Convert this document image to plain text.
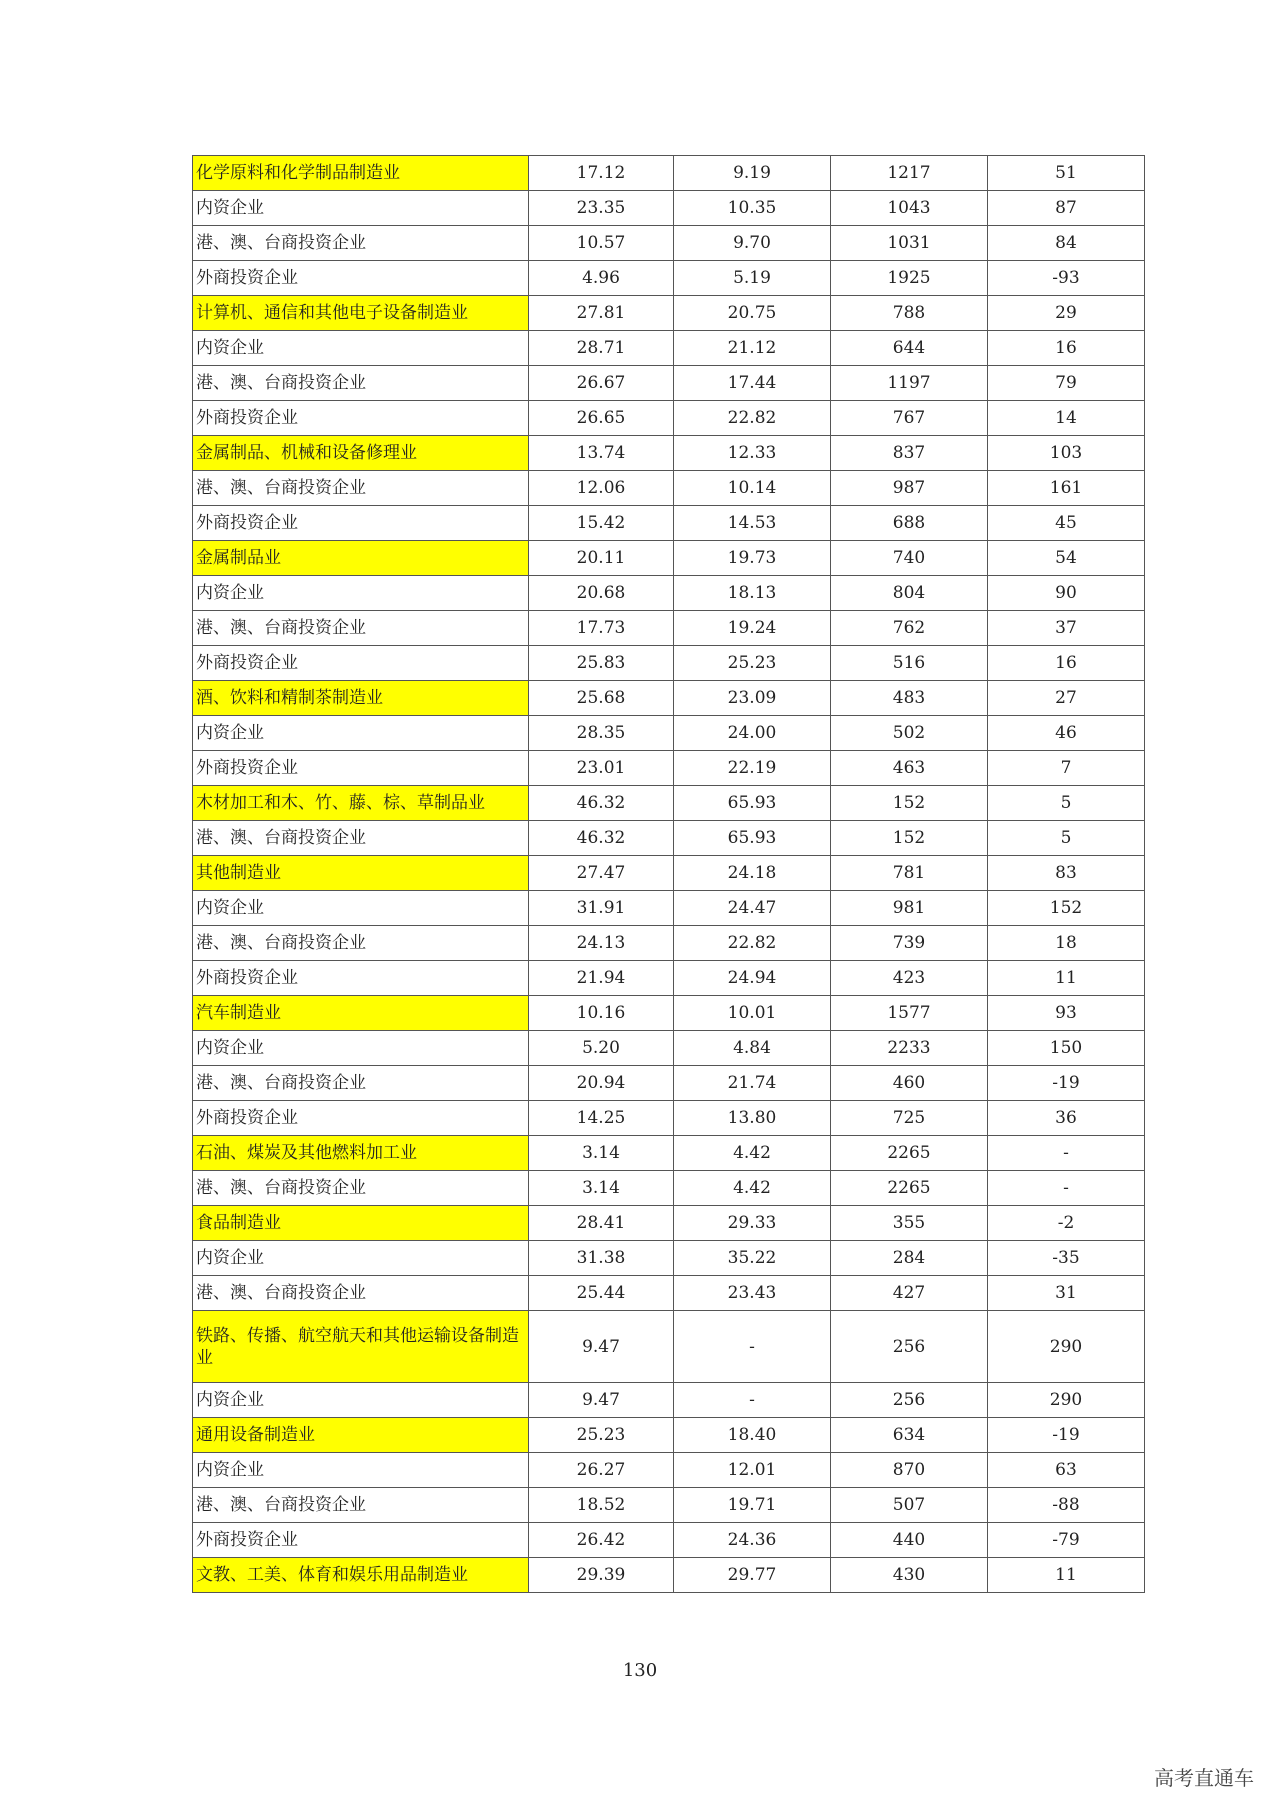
化学原料和化学制品制造业	17.12	9.19	1217	51
内资企业	23.35	10.35	1043	87
港、澳、台商投资企业	10.57	9.70	1031	84
外商投资企业	4.96	5.19	1925	-93
计算机、通信和其他电子设备制造业	27.81	20.75	788	29
内资企业	28.71	21.12	644	16
港、澳、台商投资企业	26.67	17.44	1197	79
外商投资企业	26.65	22.82	767	14
金属制品、机械和设备修理业	13.74	12.33	837	103
港、澳、台商投资企业	12.06	10.14	987	161
外商投资企业	15.42	14.53	688	45
金属制品业	20.11	19.73	740	54
内资企业	20.68	18.13	804	90
港、澳、台商投资企业	17.73	19.24	762	37
外商投资企业	25.83	25.23	516	16
酒、饮料和精制茶制造业	25.68	23.09	483	27
内资企业	28.35	24.00	502	46
外商投资企业	23.01	22.19	463	7
木材加工和木、竹、藤、棕、草制品业	46.32	65.93	152	5
港、澳、台商投资企业	46.32	65.93	152	5
其他制造业	27.47	24.18	781	83
内资企业	31.91	24.47	981	152
港、澳、台商投资企业	24.13	22.82	739	18
外商投资企业	21.94	24.94	423	11
汽车制造业	10.16	10.01	1577	93
内资企业	5.20	4.84	2233	150
港、澳、台商投资企业	20.94	21.74	460	-19
外商投资企业	14.25	13.80	725	36
石油、煤炭及其他燃料加工业	3.14	4.42	2265	-
港、澳、台商投资企业	3.14	4.42	2265	-
食品制造业	28.41	29.33	355	-2
内资企业	31.38	35.22	284	-35
港、澳、台商投资企业	25.44	23.43	427	31
铁路、传播、航空航天和其他运输设备制造业	9.47	-	256	290
内资企业	9.47	-	256	290
通用设备制造业	25.23	18.40	634	-19
内资企业	26.27	12.01	870	63
港、澳、台商投资企业	18.52	19.71	507	-88
外商投资企业	26.42	24.36	440	-79
文教、工美、体育和娱乐用品制造业	29.39	29.77	430	11
130
高考直通车
